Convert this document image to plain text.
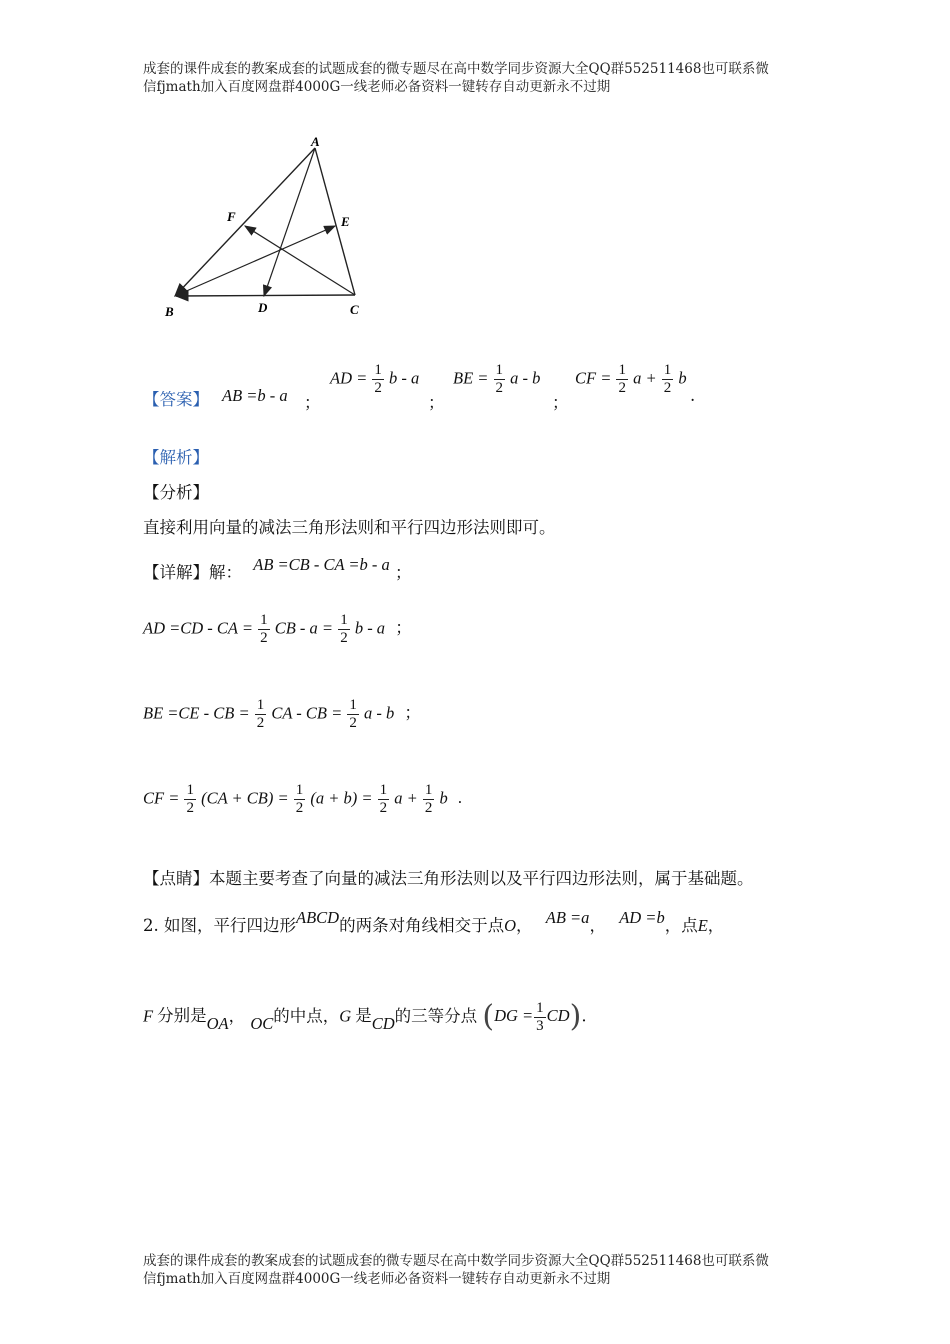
成套的课件成套的教案成套的试题成套的微专题尽在高中数学同步资源大全QQ群552511468也可联系微
信fjmath加入百度网盘群4000G一线老师必备资料一键转存自动更新永不过期
A
F	E
B	D	C
【答案】 AB =b - a ；
AD = $\frac{1}{2}$ b - a
；
BE = $\frac{1}{2}$ a - b
；
CF = $\frac{1}{2}$ $a + \frac{1}{2}$ b
.
【解析】
【分析】
直接利用向量的减法三角形法则和平行四边形法则即可。
【详解】解： AB =CB - CA =b - a ；
AD =CD - CA = $\frac{1}{2}$ CB - $a = \frac{1}{2}$ b - a ；
BE =CE - CB = $\frac{1}{2}$ CA - CB = $\frac{1}{2}$ a - b ；
CF = $\frac{1}{2} (CA + CB) = \frac{1}{2} (a + b) = \frac{1}{2}$ $a + \frac{1}{2}$ b .
【点睛】本题主要考查了向量的减法三角形法则以及平行四边形法则，属于基础题。
2. 如图，平行四边形ABCD的两条对角线相交于点O， AB =a， AD =b，点E，
F 分别是OA， OC的中点，G 是CD的三等分点 $(DG = \frac{1}{3} CD)$.
成套的课件成套的教案成套的试题成套的微专题尽在高中数学同步资源大全QQ群552511468也可联系微
信fjmath加入百度网盘群4000G一线老师必备资料一键转存自动更新永不过期
